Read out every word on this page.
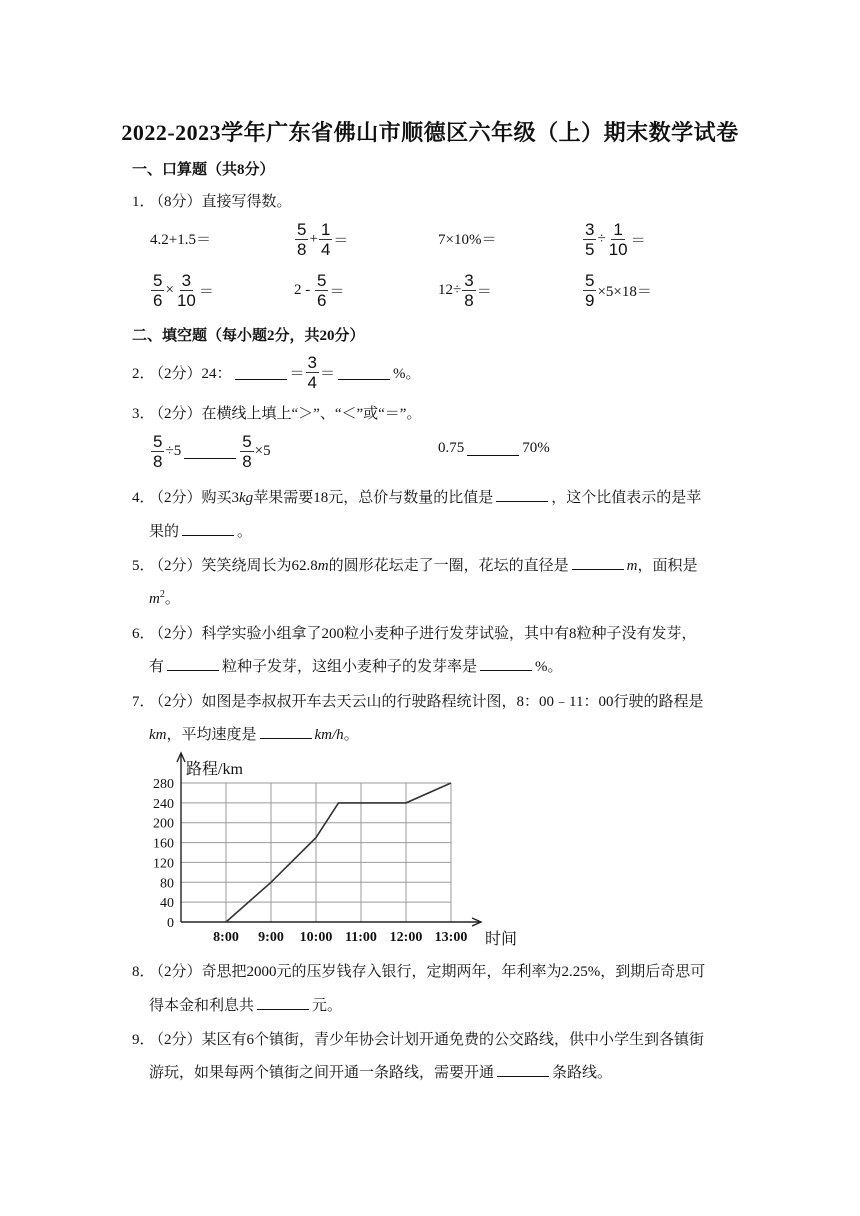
2022-2023学年广东省佛山市顺德区六年级（上）期末数学试卷
一、口算题（共8分）
1．（8分）直接写得数。
4.2+1.5＝	$\frac{5}{8} + \frac{1}{4}$ ＝	7×10%＝	$\frac{3}{5} \div \frac{1}{10}$ ＝
$\frac{5}{6} \times \frac{3}{10}$ ＝	$2 - \frac{5}{6}$ ＝	$12\div \frac{3}{8}$ ＝	$\frac{5}{9} \times 5\times 18=$
二、填空题（每小题2分，共20分）
2．
（2分）24：	＝ $\frac{3}{4}$ ＝	%。
3．（2分）在横线上填上“＞”、“＜”或“＝”。
$\frac{5}{8} \div 5$	$\frac{5}{8} \times 5$	0.75	70%
4．（2分）购买3kg苹果需要18元，总价与数量的比值是	，这个比值表示的是苹
果的	。
5．（2分）笑笑绕周长为62.8m的圆形花坛走了一圈，花坛的直径是	m，面积是
$m^2$。
6．（2分）科学实验小组拿了200粒小麦种子进行发芽试验，其中有8粒种子没有发芽，
有	粒种子发芽，这组小麦种子的发芽率是	%。
7．（2分）如图是李叔叔开车去天云山的行驶路程统计图，8：00﹣11：00行驶的路程是
km，平均速度是	km/h。
0
40
80
120
160
200
240
280
8:00 9:00 10:00 11:00 12:00 13:00
路程/km
时间
8．（2分）奇思把2000元的压岁钱存入银行，定期两年，年利率为2.25%，到期后奇思可
得本金和利息共	元。
9．（2分）某区有6个镇街，青少年协会计划开通免费的公交路线，供中小学生到各镇街
游玩，如果每两个镇街之间开通一条路线，需要开通	条路线。
